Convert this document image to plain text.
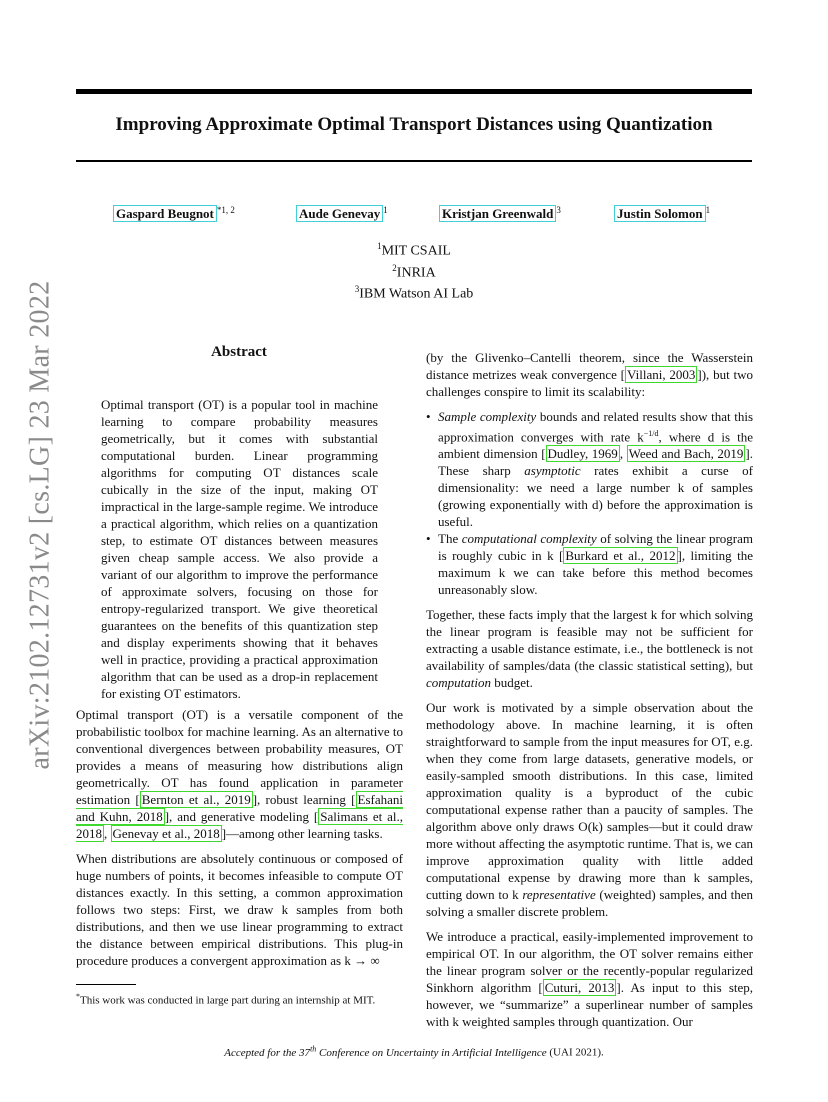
Improving Approximate Optimal Transport Distances using Quantization
Gaspard Beugnot $^{*1, 2}$	Aude Genevay $^1$	Kristjan Greenwald $^3$	Justin Solomon $^1$
$^1$MIT CSAIL
$^2$INRIA
$^3$IBM Watson AI Lab
arXiv:2102.12731v2 [cs.LG] 23 Mar 2022	Abstract

Optimal transport (OT) is a popular tool in machine learning to compare probability measures geometrically, but it comes with substantial computational burden. Linear programming algorithms for computing OT distances scale cubically in the size of the input, making OT impractical in the large-sample regime. We introduce a practical algorithm, which relies on a quantization step, to estimate OT distances between measures given cheap sample access. We also provide a variant of our algorithm to improve the performance of approximate solvers, focusing on those for entropy-regularized transport. We give theoretical guarantees on the benefits of this quantization step and display experiments showing that it behaves well in practice, providing a practical approximation algorithm that can be used as a drop-in replacement for existing OT estimators.

Optimal transport (OT) is a versatile component of the probabilistic toolbox for machine learning. As an alternative to conventional divergences between probability measures, OT provides a means of measuring how distributions align geometrically. OT has found application in parameter estimation [ Bernton et al., 2019 ], robust learning [ Esfahani and Kuhn, 2018 ], and generative modeling [ Salimans et al., 2018 , Genevay et al., 2018 ]—among other learning tasks.

When distributions are absolutely continuous or composed of huge numbers of points, it becomes infeasible to compute OT distances exactly. In this setting, a common approximation follows two steps: First, we draw k samples from both distributions, and then we use linear programming to extract the distance between empirical distributions. This plug-in procedure produces a convergent approximation as k → ∞

(by the Glivenko–Cantelli theorem, since the Wasserstein distance metrizes weak convergence [ Villani, 2003 ]), but two challenges conspire to limit its scalability:

• Sample complexity bounds and related results show that this approximation converges with rate $k^{-1/d}$, where d is the ambient dimension [ Dudley, 1969 , Weed and Bach, 2019 ]. These sharp asymptotic rates exhibit a curse of dimensionality: we need a large number k of samples (growing exponentially with d) before the approximation is useful.
• The computational complexity of solving the linear program is roughly cubic in k [ Burkard et al., 2012 ], limiting the maximum k we can take before this method becomes unreasonably slow.

Together, these facts imply that the largest k for which solving the linear program is feasible may not be sufficient for extracting a usable distance estimate, i.e., the bottleneck is not availability of samples/data (the classic statistical setting), but computation budget.

Our work is motivated by a simple observation about the methodology above. In machine learning, it is often straightforward to sample from the input measures for OT, e.g. when they come from large datasets, generative models, or easily-sampled smooth distributions. In this case, limited approximation quality is a byproduct of the cubic computational expense rather than a paucity of samples. The algorithm above only draws O(k) samples—but it could draw more without affecting the asymptotic runtime. That is, we can improve approximation quality with little added computational expense by drawing more than k samples, cutting down to k representative (weighted) samples, and then solving a smaller discrete problem.

We introduce a practical, easily-implemented improvement to empirical OT. In our algorithm, the OT solver remains either the linear program solver or the recently-popular regularized Sinkhorn algorithm [ Cuturi, 2013 ]. As input to this step, however, we “summarize” a superlinear number of samples with k weighted samples through quantization. Our

*This work was conducted in large part during an internship at MIT.
Accepted for the 37th Conference on Uncertainty in Artificial Intelligence (UAI 2021).
